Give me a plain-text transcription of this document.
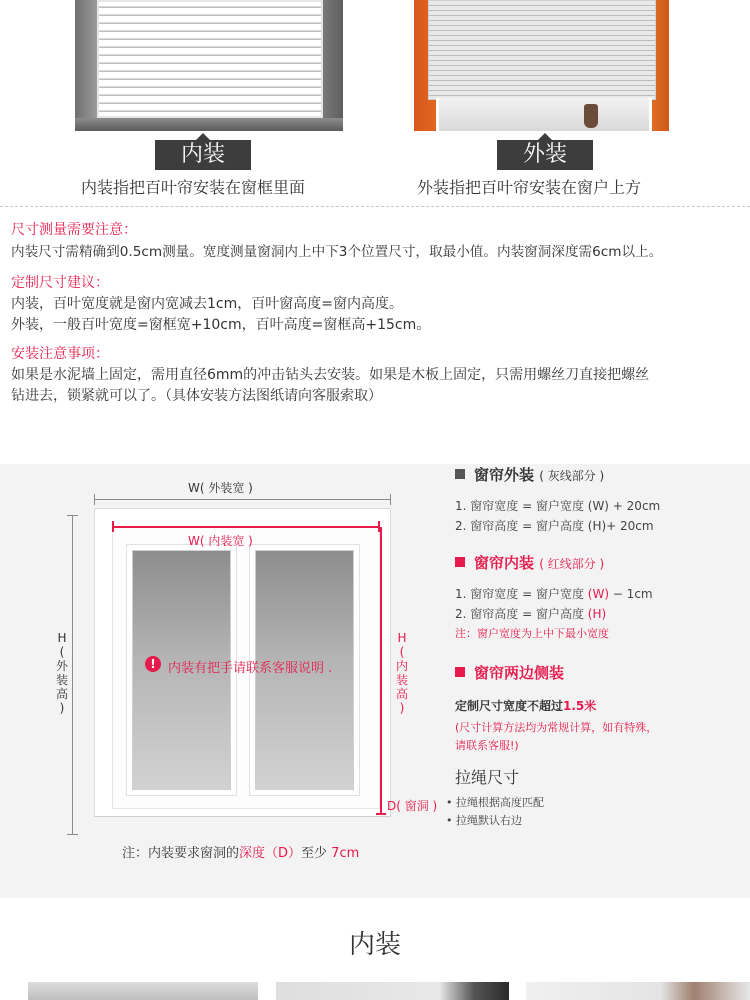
内装	外装
内装指把百叶帘安装在窗框里面	外装指把百叶帘安装在窗户上方
尺寸测量需要注意：
内装尺寸需精确到0.5cm测量。宽度测量窗洞内上中下3个位置尺寸，取最小值。内装窗洞深度需6cm以上。
定制尺寸建议：
内装，百叶宽度就是窗内宽减去1cm，百叶窗高度=窗内高度。
外装，一般百叶宽度=窗框宽+10cm，百叶高度=窗框高+15cm。
安装注意事项：
如果是水泥墙上固定，需用直径6mm的冲击钻头去安装。如果是木板上固定，只需用螺丝刀直接把螺丝
钻进去，锁紧就可以了。（具体安装方法图纸请向客服索取）
W( 外装宽 )
H
(
外
装
高
)
W( 内装宽 )
H
(
内
装
高
)
D( 窗洞 )
! 内装有把手请联系客服说明 .
注：内装要求窗洞的深度（D）至少 7cm
窗帘外装 ( 灰线部分 )
1. 窗帘宽度 = 窗户宽度 (W) + 20cm
2. 窗帘高度 = 窗户高度 (H)+ 20cm
窗帘内装 ( 红线部分 )
1. 窗帘宽度 = 窗户宽度 (W) − 1cm
2. 窗帘高度 = 窗户高度 (H)
注：窗户宽度为上中下最小宽度
窗帘两边侧装
定制尺寸宽度不超过1.5米
(尺寸计算方法均为常规计算，如有特殊，
请联系客服!)
拉绳尺寸
• 拉绳根据高度匹配
• 拉绳默认右边
内装
